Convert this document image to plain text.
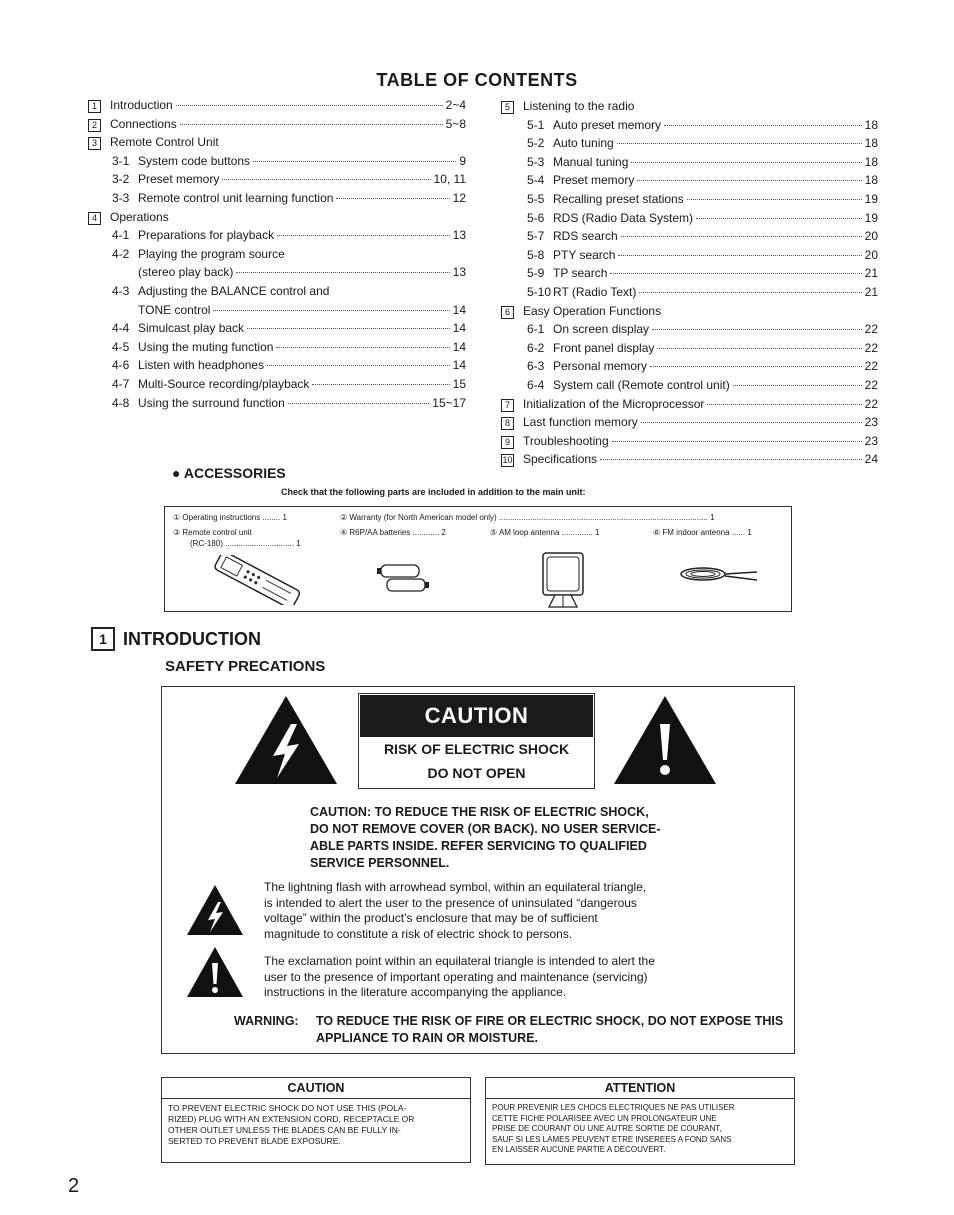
TABLE OF CONTENTS
1	Introduction	2~4
2	Connections	5~8
3	Remote Control Unit
3-1 System code buttons	9
3-2 Preset memory	10, 11
3-3 Remote control unit learning function	12
4	Operations
4-1 Preparations for playback	13
4-2 Playing the program source
(stereo play back)	13
4-3 Adjusting the BALANCE control and
TONE control	14
4-4 Simulcast play back	14
4-5 Using the muting function	14
4-6 Listen with headphones	14
4-7 Multi-Source recording/playback	15
4-8 Using the surround function	15~17
5	Listening to the radio
5-1 Auto preset memory	18
5-2 Auto tuning	18
5-3 Manual tuning	18
5-4 Preset memory	18
5-5 Recalling preset stations	19
5-6 RDS (Radio Data System)	19
5-7 RDS search	20
5-8 PTY search	20
5-9 TP search	21
5-10 RT (Radio Text)	21
6	Easy Operation Functions
6-1 On screen display	22
6-2 Front panel display	22
6-3 Personal memory	22
6-4 System call (Remote control unit)	22
7	Initialization of the Microprocessor	22
8	Last function memory	23
9	Troubleshooting	23
10 Specifications	24
● ACCESSORIES
Check that the following parts are included in addition to the main unit:
① Operating instructions ........ 1	② Warranty (for North American model only) .............................................................................................. 1
③ Remote control unit
(RC-180) ............................... 1
④ R6P/AA batteries ............ 2	⑤ AM loop antenna .............. 1	⑥ FM indoor antenna ...... 1
1 INTRODUCTION
SAFETY PRECATIONS
CAUTION
RISK OF ELECTRIC SHOCK
DO NOT OPEN
CAUTION: TO REDUCE THE RISK OF ELECTRIC SHOCK,
DO NOT REMOVE COVER (OR BACK). NO USER SERVICE-
ABLE PARTS INSIDE. REFER SERVICING TO QUALIFIED
SERVICE PERSONNEL.
The lightning flash with arrowhead symbol, within an equilateral triangle,
is intended to alert the user to the presence of uninsulated “dangerous
voltage” within the product’s enclosure that may be of sufficient
magnitude to constitute a risk of electric shock to persons.
The exclamation point within an equilateral triangle is intended to alert the
user to the presence of important operating and maintenance (servicing)
instructions in the literature accompanying the appliance.
WARNING: TO REDUCE THE RISK OF FIRE OR ELECTRIC SHOCK, DO NOT EXPOSE THIS
APPLIANCE TO RAIN OR MOISTURE.
CAUTION
TO PREVENT ELECTRIC SHOCK DO NOT USE THIS (POLA-
RIZED) PLUG WITH AN EXTENSION CORD, RECEPTACLE OR
OTHER OUTLET UNLESS THE BLADES CAN BE FULLY IN-
SERTED TO PREVENT BLADE EXPOSURE.
ATTENTION
POUR PREVENIR LES CHOCS ELECTRIQUES NE PAS UTILISER
CETTE FICHE POLARISEE AVEC UN PROLONGATEUR UNE
PRISE DE COURANT OU UNE AUTRE SORTIE DE COURANT,
SAUF SI LES LAMES PEUVENT ETRE INSEREES A FOND SANS
EN LAISSER AUCUNE PARTIE A DECOUVERT.
2
